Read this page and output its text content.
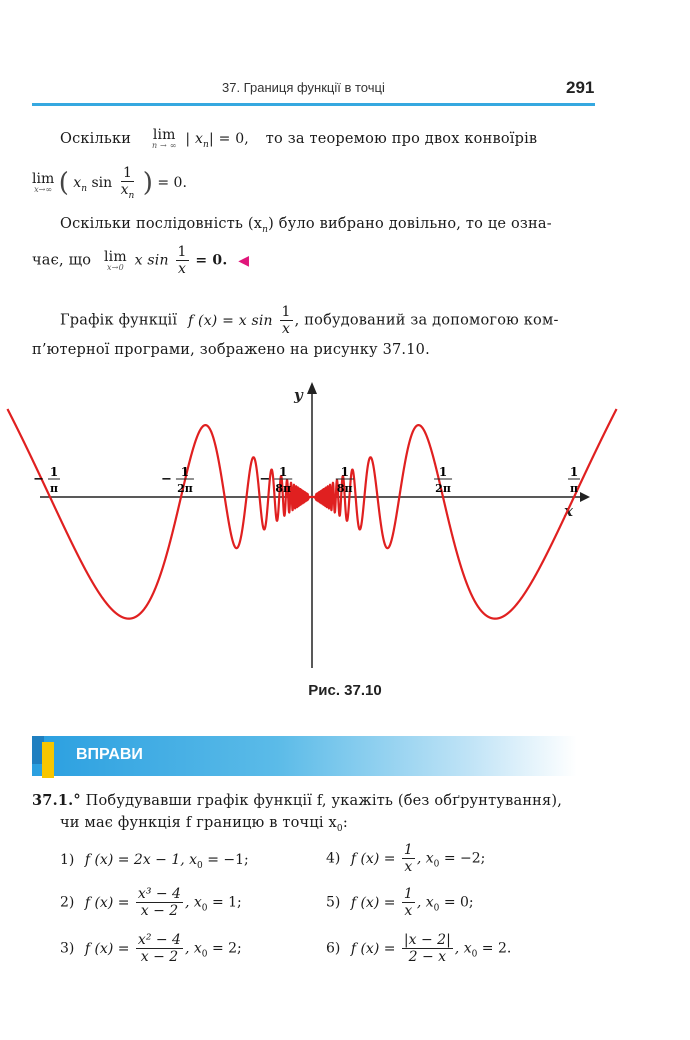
37. Границя функції в точці	291
Оскільки lim
n → ∞ | $x_n| = 0$, то за теоремою про двох конвоїрів
lim
x→∞ ( $x_n$ $\sin \frac{1}{x_n}$ ) = 0.
Оскільки послідовність $(x_n)$ було вибрано довільно, то це озна-
чає, що lim
x→0 x $\sin \frac{1}{x} = 0$. ◀
Графік функції f (x) = x $\sin \frac{1}{x}$ , побудований за допомогою ком-
п’ютерної програми, зображено на рисунку 37.10.
y
x
1
π
−	1
2π
−	1
8π
−	1
8π
1
2π
1
π
Рис. 37.10
ВПРАВИ
37.1.° Побудувавши графік функції f, укажіть (без обґрунтування),
чи має функція f границю в точці $x_0$:
1) f (x) = 2x − 1, $x_0 = -1$;
2) f $(x) = \frac{\text{x³ − 4}}{x - 2}$ , $x_0 = 1$;
3) f $(x) = \frac{\text{x² − 4}}{x - 2}$ , $x_0 = 2$;
4) f $(x) = \frac{1}{x}$ , $x_0 = -2$;
5) f $(x) = \frac{1}{x}$ , $x_0 = 0$;
6) f $(x) = \frac{|x - 2|}{2 - x}$ , $x_0 = 2$.
